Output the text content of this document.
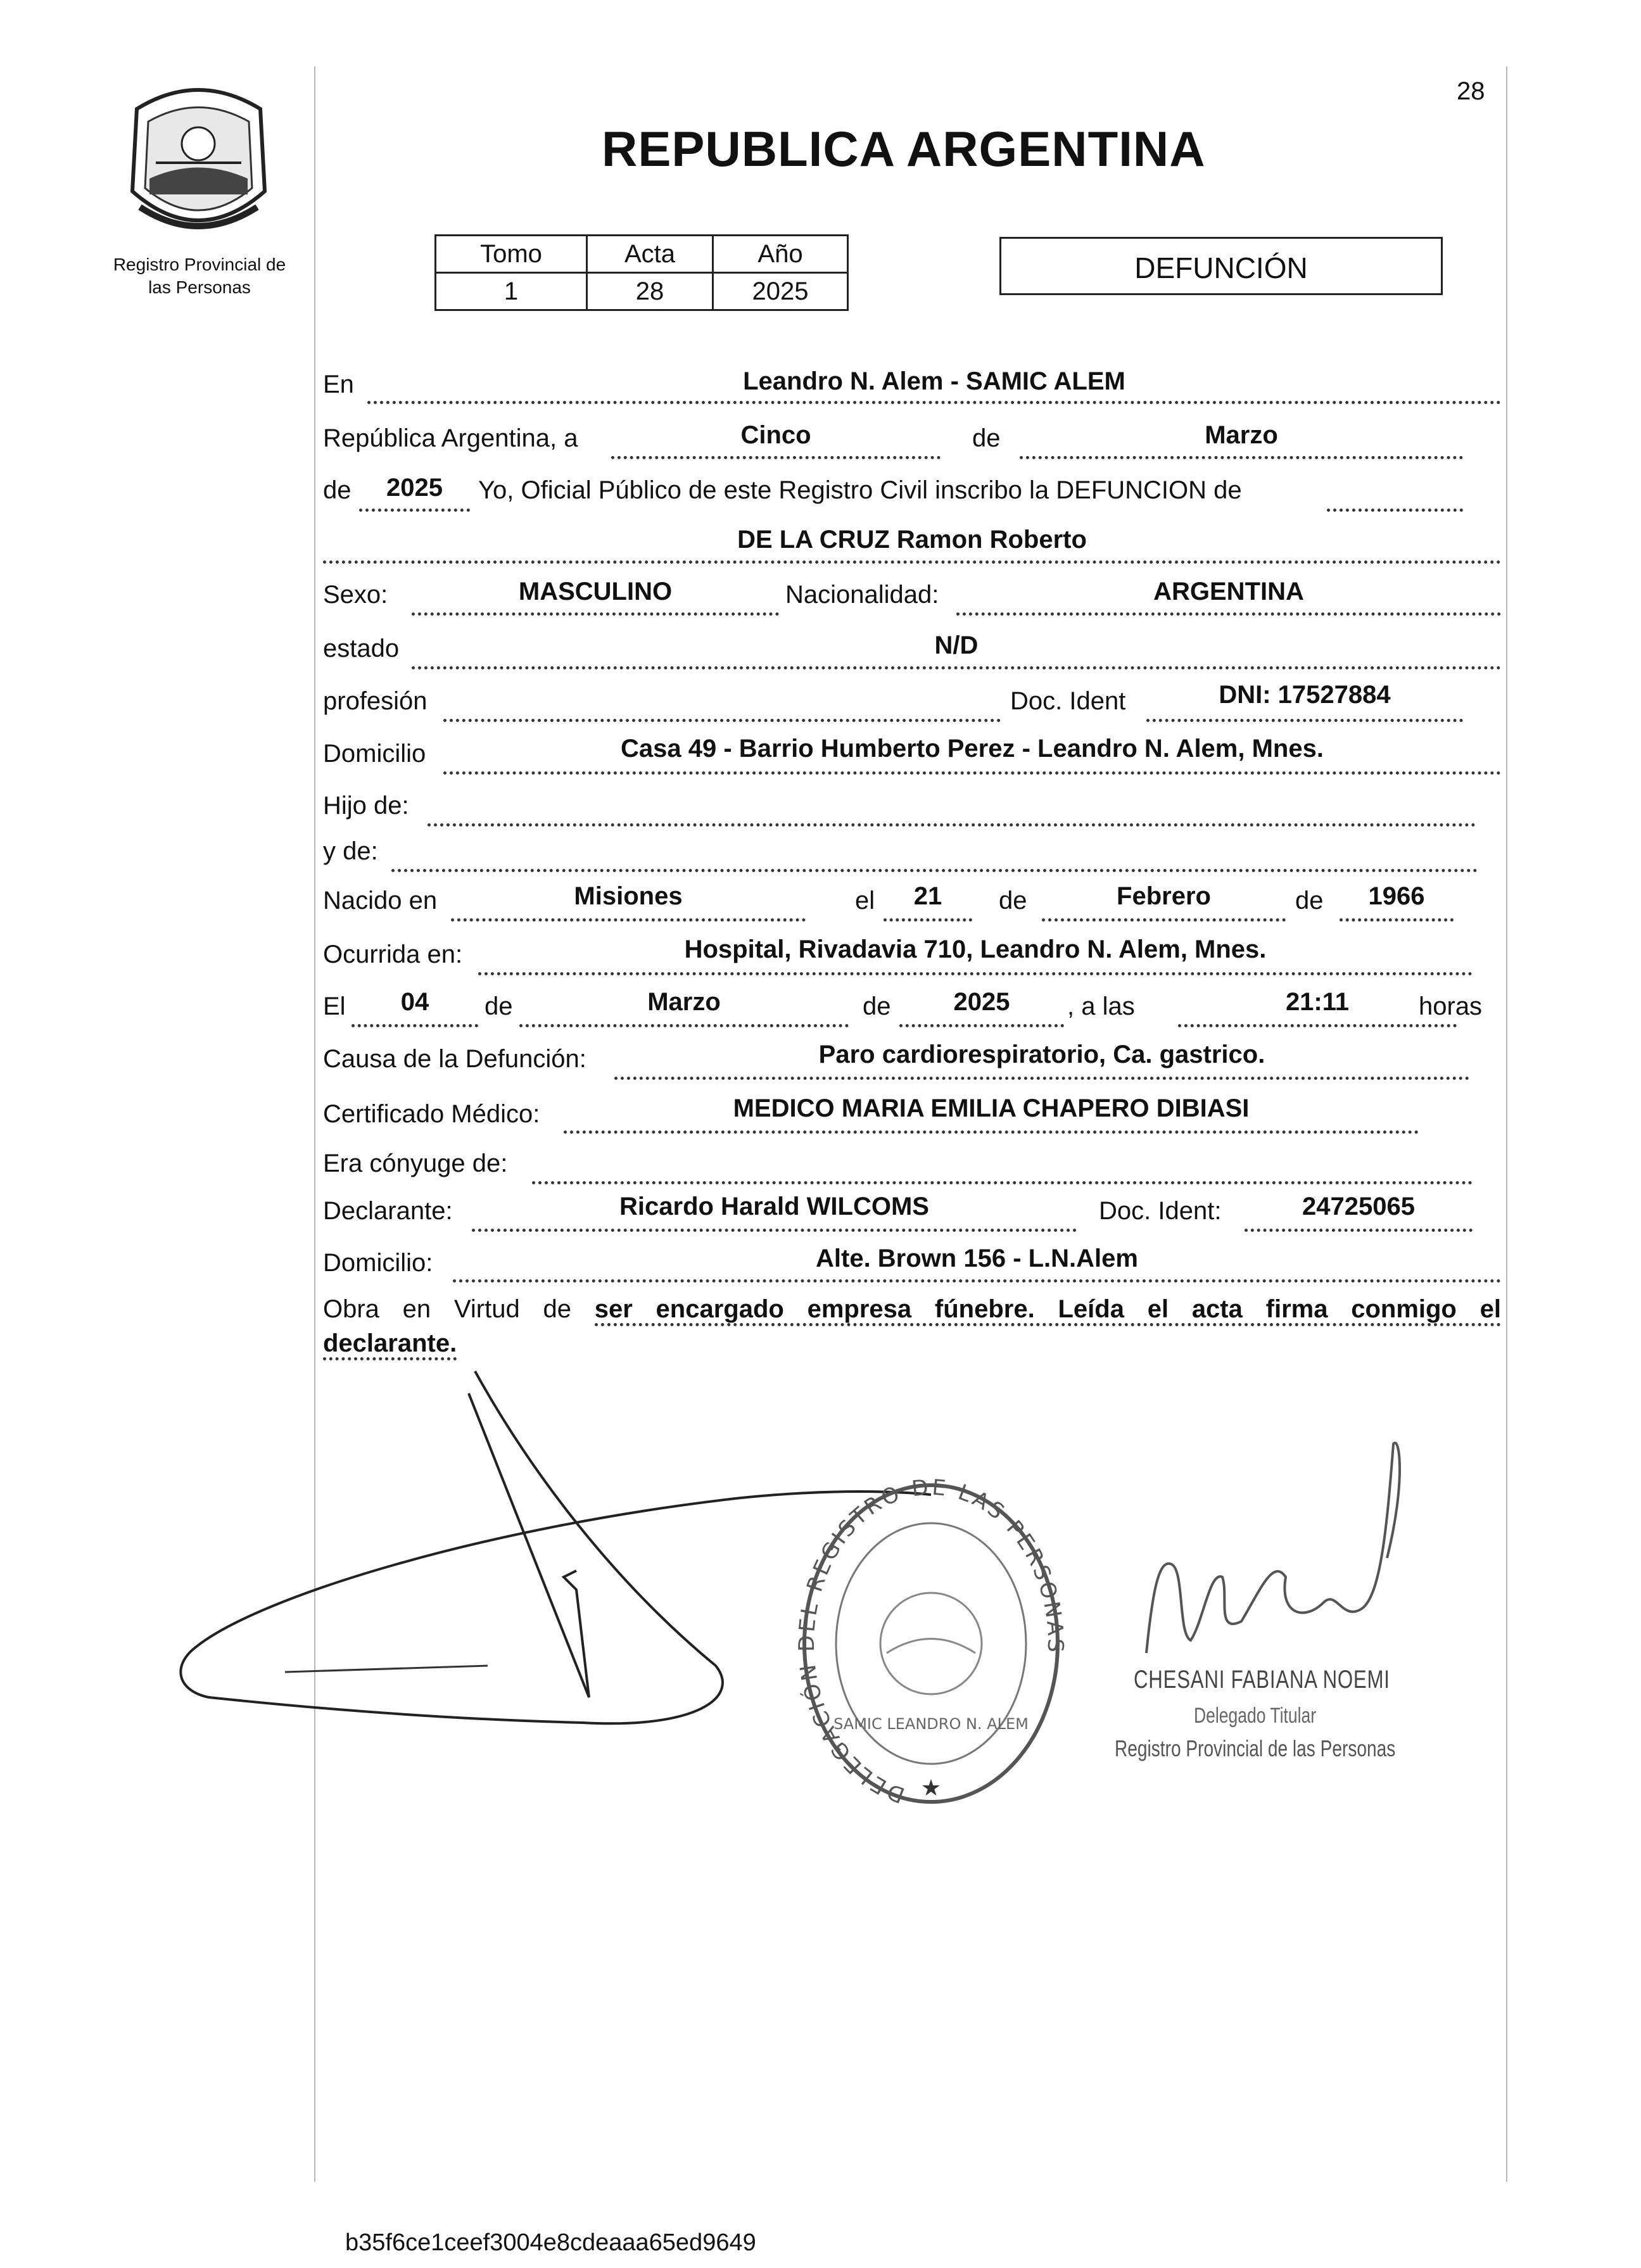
28
Registro Provincial de
las Personas
REPUBLICA ARGENTINA
Tomo	Acta	Año
1	28	2025
DEFUNCIÓN
En	Leandro N. Alem - SAMIC ALEM
República Argentina, a	Cinco	de	Marzo
de	2025	Yo, Oficial Público de este Registro Civil inscribo la DEFUNCION de
DE LA CRUZ Ramon Roberto
Sexo:	MASCULINO	Nacionalidad:	ARGENTINA
estado	N/D
profesión	Doc. Ident	DNI: 17527884
Domicilio	Casa 49 - Barrio Humberto Perez - Leandro N. Alem, Mnes.
Hijo de:
y de:
Nacido en	Misiones	el	21	de	Febrero	de	1966
Ocurrida en:	Hospital, Rivadavia 710, Leandro N. Alem, Mnes.
El	04	de	Marzo	de	2025	, a las	21:11	horas
Causa de la Defunción:	Paro cardiorespiratorio, Ca. gastrico.
Certificado Médico:	MEDICO MARIA EMILIA CHAPERO DIBIASI
Era cónyuge de:
Declarante:	Ricardo Harald WILCOMS	Doc. Ident:	24725065
Domicilio:	Alte. Brown 156 - L.N.Alem
Obra en Virtud de ser encargado empresa fúnebre. Leída el acta firma conmigo el
declarante.
DELEGACIÓN DEL REGISTRO DE LAS PERSONAS
SAMIC LEANDRO N. ALEM
★
CHESANI FABIANA NOEMI
Delegado Titular
Registro Provincial de las Personas
b35f6ce1ceef3004e8cdeaaa65ed9649
